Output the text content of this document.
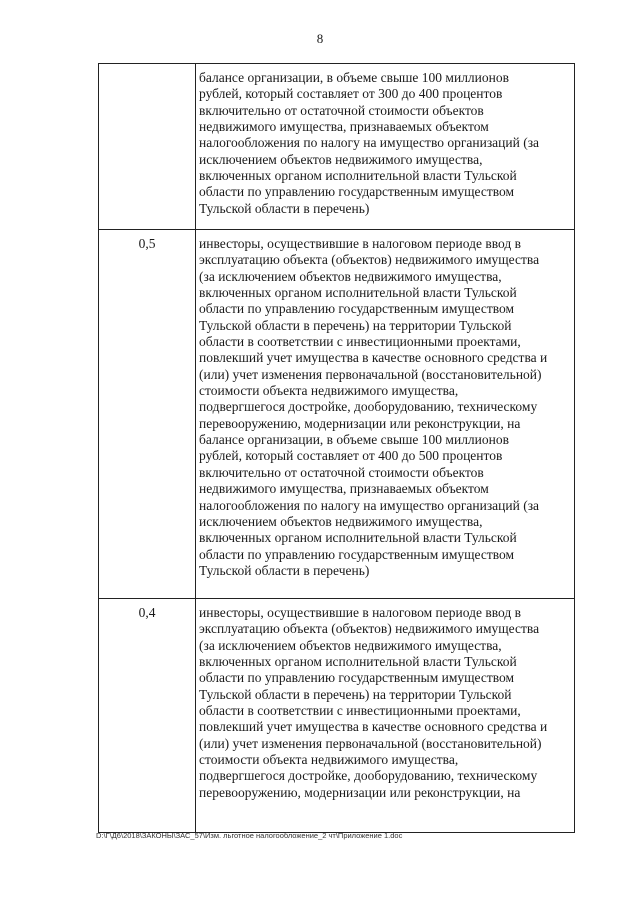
8
балансе организации, в объеме свыше 100 миллионов
рублей, который составляет от 300 до 400 процентов
включительно от остаточной стоимости объектов
недвижимого имущества, признаваемых объектом
налогообложения по налогу на имущество организаций (за
исключением объектов недвижимого имущества,
включенных органом исполнительной власти Тульской
области по управлению государственным имуществом
Тульской области в перечень)
0,5	инвесторы, осуществившие в налоговом периоде ввод в
эксплуатацию объекта (объектов) недвижимого имущества
(за исключением объектов недвижимого имущества,
включенных органом исполнительной власти Тульской
области по управлению государственным имуществом
Тульской области в перечень) на территории Тульской
области в соответствии с инвестиционными проектами,
повлекший учет имущества в качестве основного средства и
(или) учет изменения первоначальной (восстановительной)
стоимости объекта недвижимого имущества,
подвергшегося достройке, дооборудованию, техническому
перевооружению, модернизации или реконструкции, на
балансе организации, в объеме свыше 100 миллионов
рублей, который составляет от 400 до 500 процентов
включительно от остаточной стоимости объектов
недвижимого имущества, признаваемых объектом
налогообложения по налогу на имущество организаций (за
исключением объектов недвижимого имущества,
включенных органом исполнительной власти Тульской
области по управлению государственным имуществом
Тульской области в перечень)
0,4	инвесторы, осуществившие в налоговом периоде ввод в
эксплуатацию объекта (объектов) недвижимого имущества
(за исключением объектов недвижимого имущества,
включенных органом исполнительной власти Тульской
области по управлению государственным имуществом
Тульской области в перечень) на территории Тульской
области в соответствии с инвестиционными проектами,
повлекший учет имущества в качестве основного средства и
(или) учет изменения первоначальной (восстановительной)
стоимости объекта недвижимого имущества,
подвергшегося достройке, дооборудованию, техническому
перевооружению, модернизации или реконструкции, на
D:\Г\Д6\2018\ЗАКОНЫ\ЗАС_57\Изм. льготное налогообложение_2 чт\Приложение 1.doc
